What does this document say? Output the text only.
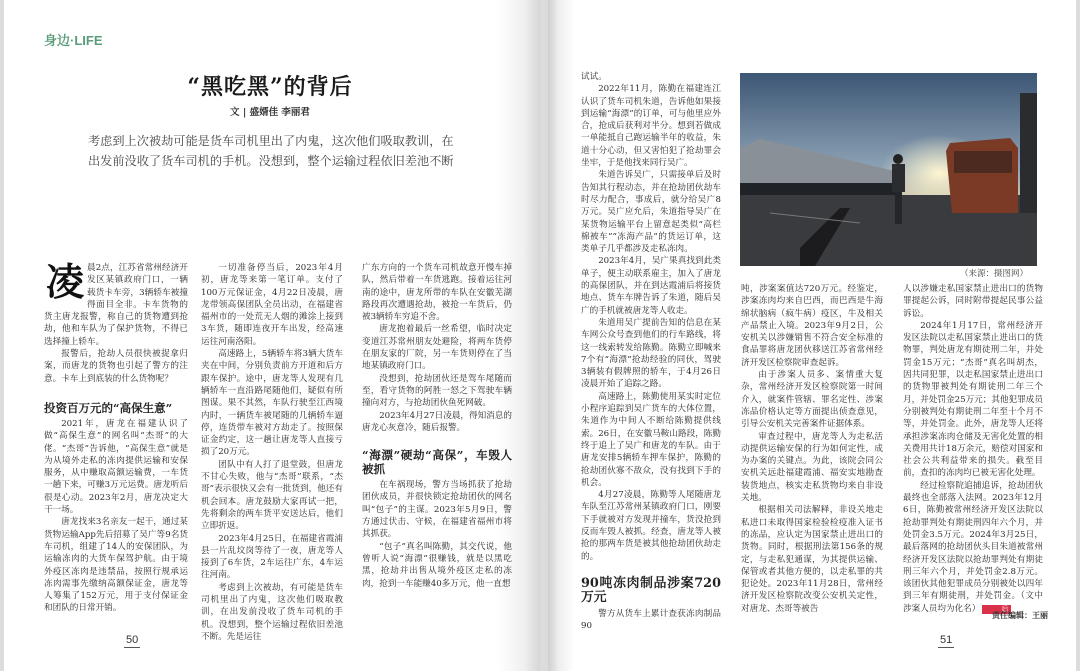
身边·LIFE
“黑吃黑”的背后
文 | 盛婿佳 李丽君
考虑到上次被劫可能是货车司机里出了内鬼，这次他们吸取教训，在出发前没收了货车司机的手机。没想到，整个运输过程依旧差池不断

凌晨2点，江苏省常州经济开发区某镇政府门口，一辆载货卡车旁，3辆轿车被撞得面目全非。卡车货物的货主唐龙报警，称自己的货物遭到抢劫，他和车队为了保护货物，不得已选择撞上轿车。

报警后，抢劫人员很快被捉拿归案，而唐龙的货物也引起了警方的注意。卡车上到底装的什么货物呢？

投资百万元的“高保生意”

2021年，唐龙在福建认识了做“高保生意”的网名叫“杰哥”的大佬。“杰哥”告诉他，“高保生意”就是为从境外走私的冻肉提供运输和安保服务，从中赚取高额运输费，一车货一趟下来，可赚3万元运费。唐龙听后很是心动。2023年2月，唐龙决定大干一场。

唐龙找来3名亲友一起干，通过某货物运输App先后招募了吴广等9名货车司机，组建了14人的安保团队，为运输冻肉的大货车保驾护航。由于境外疫区冻肉是违禁品，按照行规承运冻肉需事先缴纳高额保证金，唐龙等人筹集了152万元，用于支付保证金和团队的日常开销。

一切准备停当后，2023年4月初，唐龙等来第一笔订单。支付了100万元保证金，4月22日凌晨，唐龙带领高保团队全员出动，在福建省福州市的一处荒无人烟的滩涂上接到3车货，随即连夜开车出发，经高速运往河南洛阳。

高速路上，5辆轿车将3辆大货车夹在中间，分别负责前方开道和后方跟车保护。途中，唐龙等人发现有几辆轿车一直沿路尾随他们，疑似有所图谋。果不其然，车队行驶至江西境内时，一辆货车被尾随的几辆轿车逼停，连货带车被对方劫走了。按照保证金约定，这一趟让唐龙等人直接亏损了20万元。

团队中有人打了退堂鼓，但唐龙不甘心失败，他与“杰哥”联系，“杰哥”表示很快又会有一批货到，他还有机会回本。唐龙鼓励大家再试一把，先将剩余的两车货平安送达后，他们立即折返。

2023年4月25日，在福建省霞浦县一片乱坟岗等待了一夜，唐龙等人接到了6车货，2车运往广东，4车运往河南。

考虑到上次被劫，有可能是货车司机里出了内鬼，这次他们吸取教训，在出发前没收了货车司机的手机。没想到，整个运输过程依旧差池不断。先是运往

广东方向的一个货车司机故意开慢车掉队，然后带着一车货逃跑。接着运往河南的途中，唐龙所带的车队在安徽芜湖路段再次遭遇抢劫，被抢一车货后，仍被3辆轿车穷追不舍。

唐龙抱着最后一丝希望，临时决定变道江苏常州朋友处避险，将两车货停在朋友家的厂院，另一车货则停在了当地某镇政府门口。

没想到，抢劫团伙还是驾车尾随而至，看守货物的阿胜一怒之下驾驶车辆撞向对方，与抢劫团伙鱼死网破。

2023年4月27日凌晨，得知消息的唐龙心灰意冷，随后报警。

“海漂”硬劫“高保”，车毁人被抓

在车祸现场，警方当场抓获了抢劫团伙成员，并很快锁定抢劫团伙的网名叫“包子”的主谋。2023年5月9日，警方通过伏击、守候，在福建省福州市将其抓获。

“包子”真名叫陈勤，其交代说，他曾听人说“海漂”很赚钱，就是以黑吃黑，抢劫并出售从境外疫区走私的冻肉，抢到一车能赚40多万元，他一直想

50
（来源：摄图网）

试试。

2022年11月，陈勤在福建连江认识了货车司机朱道，告诉他如果接到运输“海漂”的订单，可与他里应外合，抢成后获利对半分。想到若做成一单能抵自己跑运输半年的收益，朱道十分心动，但又害怕犯了抢劫罪会坐牢，于是他找来同行吴广。

朱道告诉吴广，只需接单后及时告知其行程动态，并在抢劫团伙劫车时尽力配合，事成后，就分给吴广8万元。吴广应允后，朱道指导吴广在某货物运输平台上留意起类似“高栏棉被车”“冻海产品”的货运订单，这类单子几乎都涉及走私冻肉。

2023年4月，吴广果真找到此类单子，便主动联系雇主，加入了唐龙的高保团队，并在到达霞浦后将接货地点、货车车牌告诉了朱道，随后吴广的手机就被唐龙等人收走。

朱道用吴广提前告知的信息在某车网公众号查到他们的行车路线，将这一线索转发给陈勤。陈勤立即喊来7个有“海漂”抢劫经验的同伙，驾驶3辆装有假牌照的轿车，于4月26日凌晨开始了追踪之路。

高速路上，陈勤使用某实时定位小程序追踪到吴广货车的大体位置，朱道作为中间人不断给陈勤提供线索。26日，在安徽马鞍山路段，陈勤终于追上了吴广和唐龙的车队。由于唐龙安排5辆轿车押车保护，陈勤的抢劫团伙寡不敌众，没有找到下手的机会。

4月27凌晨，陈勤等人尾随唐龙车队至江苏常州某镇政府门口，刚要下手就被对方发现并撞车，货没抢到反而车毁人被抓。经查，唐龙等人被抢的那两车货是被其他抢劫团伙劫走的。

90吨冻肉制品涉案720万元

警方从货车上累计查获冻肉制品90

吨，涉案案值达720万元。经鉴定，涉案冻肉均来自巴西，而巴西是牛海绵状脑病（疯牛病）疫区，牛及相关产品禁止入境。2023年9月2日，公安机关以涉嫌销售不符合安全标准的食品罪将唐龙团伙移送江苏省常州经济开发区检察院审查起诉。

由于涉案人员多、案情重大复杂，常州经济开发区检察院第一时间介入，就案件管辖、罪名定性、涉案冻品价格认定等方面提出侦查意见，引导公安机关完善案件证据体系。

审查过程中，唐龙等人为走私活动提供运输安保的行为如何定性，成为办案的关键点。为此，该院会同公安机关远赴福建霞浦、福安实地勘查装货地点，核实走私货物均来自非设关地。

根据相关司法解释，非设关地走私进口未取得国家检验检疫准入证书的冻品，应认定为国家禁止进出口的货物。同时，根据刑法第156条的规定，与走私犯通谋，为其提供运输、保管或者其他方便的，以走私罪的共犯论处。2023年11月28日，常州经济开发区检察院改变公安机关定性，对唐龙、杰哥等被告

人以涉嫌走私国家禁止进出口的货物罪提起公诉，同时附带提起民事公益诉讼。

2024年1月17日，常州经济开发区法院以走私国家禁止进出口的货物罪，判处唐龙有期徒刑二年，并处罚金15万元；“杰哥”真名叫胡杰，因共同犯罪，以走私国家禁止进出口的货物罪被判处有期徒刑二年三个月，并处罚金25万元；其他犯罪成员分别被判处有期徒刑二年至十个月不等，并处罚金。此外，唐龙等人还将承担涉案冻肉仓储及无害化处置的相关费用共计18万余元，赔偿对国家和社会公共利益带来的损失。截至目前，查扣的冻肉均已被无害化处理。

经过检察院追捕追诉，抢劫团伙最终也全部落入法网。2023年12月6日，陈勤被常州经济开发区法院以抢劫罪判处有期徒刑四年六个月，并处罚金3.5万元。2024年3月25日，最后落网的抢劫团伙头目朱道被常州经济开发区法院以抢劫罪判处有期徒刑三年六个月，并处罚金2.8万元。该团伙其他犯罪成员分别被处以四年到三年有期徒刑，并处罚金。（文中涉案人员均为化名）	后

责任编辑：王丽
51
